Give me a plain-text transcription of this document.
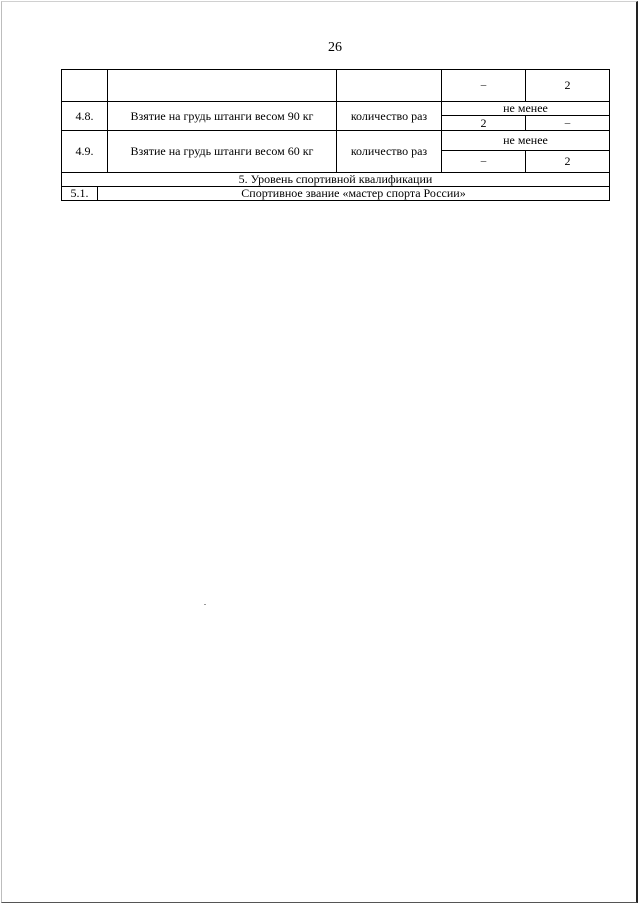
26
				–	2
4.8.		Взятие на грудь штанги весом 90 кг	количество раз	не менее	
				2	–
4.9.		Взятие на грудь штанги весом 60 кг	количество раз	не менее	
				–	2
5. Уровень спортивной квалификации					
5.1.	Спортивное звание «мастер спорта России»				
